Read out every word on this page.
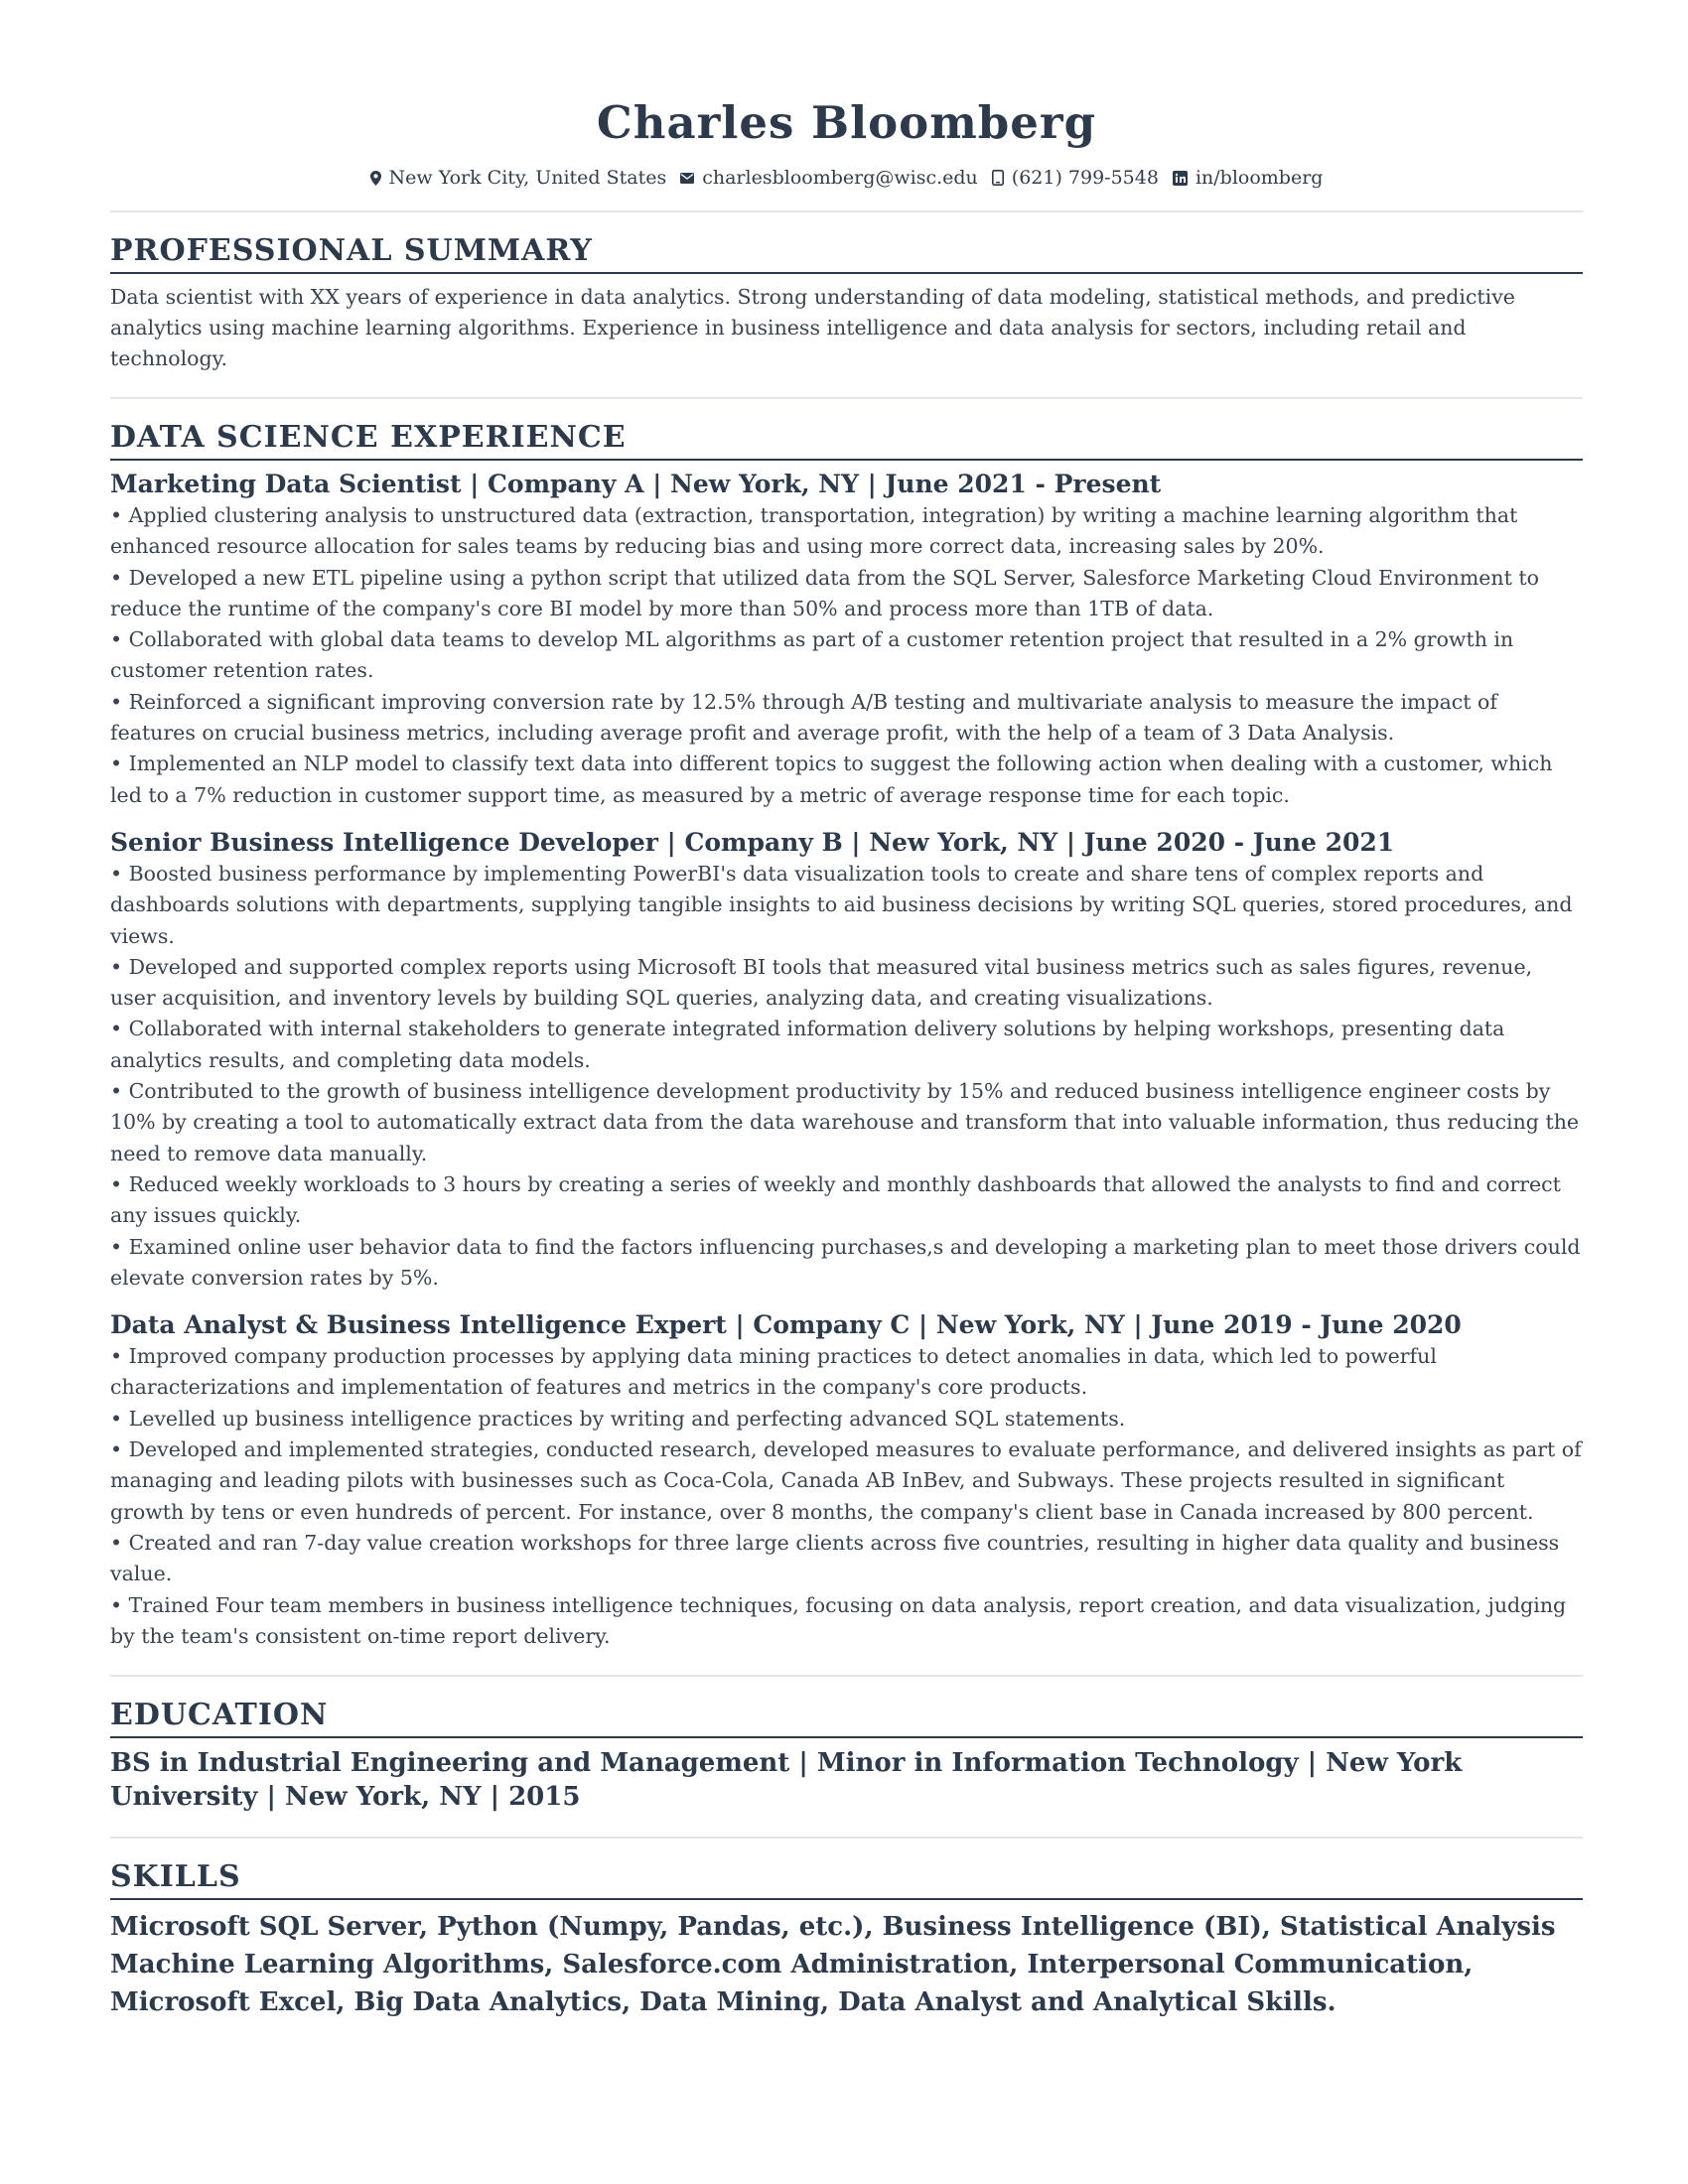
Charles Bloomberg
New York City, United States charlesbloomberg@wisc.edu (621) 799-5548 in/bloomberg
PROFESSIONAL SUMMARY
Data scientist with XX years of experience in data analytics. Strong understanding of data modeling, statistical methods, and predictive analytics using machine learning algorithms. Experience in business intelligence and data analysis for sectors, including retail and technology.
DATA SCIENCE EXPERIENCE
Marketing Data Scientist | Company A | New York, NY | June 2021 - Present
• Applied clustering analysis to unstructured data (extraction, transportation, integration) by writing a machine learning algorithm that enhanced resource allocation for sales teams by reducing bias and using more correct data, increasing sales by 20%.
• Developed a new ETL pipeline using a python script that utilized data from the SQL Server, Salesforce Marketing Cloud Environment to reduce the runtime of the company's core BI model by more than 50% and process more than 1TB of data.
• Collaborated with global data teams to develop ML algorithms as part of a customer retention project that resulted in a 2% growth in customer retention rates.
• Reinforced a significant improving conversion rate by 12.5% through A/B testing and multivariate analysis to measure the impact of features on crucial business metrics, including average profit and average profit, with the help of a team of 3 Data Analysis.
• Implemented an NLP model to classify text data into different topics to suggest the following action when dealing with a customer, which led to a 7% reduction in customer support time, as measured by a metric of average response time for each topic.
Senior Business Intelligence Developer | Company B | New York, NY | June 2020 - June 2021
• Boosted business performance by implementing PowerBI's data visualization tools to create and share tens of complex reports and dashboards solutions with departments, supplying tangible insights to aid business decisions by writing SQL queries, stored procedures, and views.
• Developed and supported complex reports using Microsoft BI tools that measured vital business metrics such as sales figures, revenue, user acquisition, and inventory levels by building SQL queries, analyzing data, and creating visualizations.
• Collaborated with internal stakeholders to generate integrated information delivery solutions by helping workshops, presenting data analytics results, and completing data models.
• Contributed to the growth of business intelligence development productivity by 15% and reduced business intelligence engineer costs by 10% by creating a tool to automatically extract data from the data warehouse and transform that into valuable information, thus reducing the need to remove data manually.
• Reduced weekly workloads to 3 hours by creating a series of weekly and monthly dashboards that allowed the analysts to find and correct any issues quickly.
• Examined online user behavior data to find the factors influencing purchases,s and developing a marketing plan to meet those drivers could elevate conversion rates by 5%.
Data Analyst & Business Intelligence Expert | Company C | New York, NY | June 2019 - June 2020
• Improved company production processes by applying data mining practices to detect anomalies in data, which led to powerful characterizations and implementation of features and metrics in the company's core products.
• Levelled up business intelligence practices by writing and perfecting advanced SQL statements.
• Developed and implemented strategies, conducted research, developed measures to evaluate performance, and delivered insights as part of managing and leading pilots with businesses such as Coca-Cola, Canada AB InBev, and Subways. These projects resulted in significant growth by tens or even hundreds of percent. For instance, over 8 months, the company's client base in Canada increased by 800 percent.
• Created and ran 7-day value creation workshops for three large clients across five countries, resulting in higher data quality and business value.
• Trained Four team members in business intelligence techniques, focusing on data analysis, report creation, and data visualization, judging by the team's consistent on-time report delivery.
EDUCATION
BS in Industrial Engineering and Management | Minor in Information Technology | New York University | New York, NY | 2015
SKILLS
Microsoft SQL Server, Python (Numpy, Pandas, etc.), Business Intelligence (BI), Statistical Analysis Machine Learning Algorithms, Salesforce.com Administration, Interpersonal Communication, Microsoft Excel, Big Data Analytics, Data Mining, Data Analyst and Analytical Skills.
